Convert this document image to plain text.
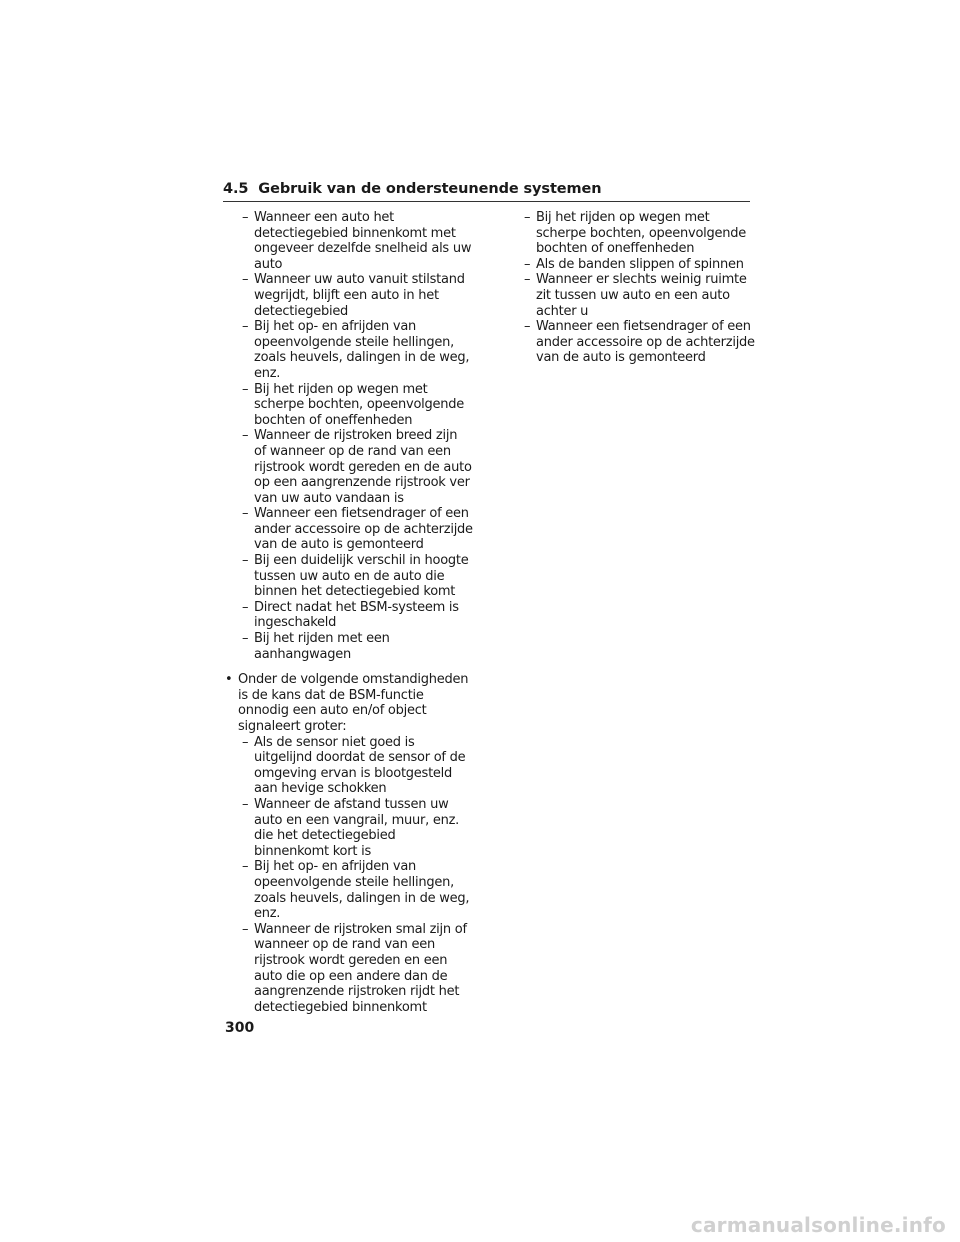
4.5 Gebruik van de ondersteunende systemen
– Wanneer een auto het detectiegebied binnenkomt met ongeveer dezelfde snelheid als uw auto
– Wanneer uw auto vanuit stilstand wegrijdt, blijft een auto in het detectiegebied
– Bij het op- en afrijden van opeenvolgende steile hellingen, zoals heuvels, dalingen in de weg, enz.
– Bij het rijden op wegen met scherpe bochten, opeenvolgende bochten of oneffenheden
– Wanneer de rijstroken breed zijn of wanneer op de rand van een rijstrook wordt gereden en de auto op een aangrenzende rijstrook ver van uw auto vandaan is
– Wanneer een fietsendrager of een ander accessoire op de achterzijde van de auto is gemonteerd
– Bij een duidelijk verschil in hoogte tussen uw auto en de auto die binnen het detectiegebied komt
– Direct nadat het BSM-systeem is ingeschakeld
– Bij het rijden met een aanhangwagen
• Onder de volgende omstandigheden is de kans dat de BSM-functie onnodig een auto en/of object signaleert groter:
– Als de sensor niet goed is uitgelijnd doordat de sensor of de omgeving ervan is blootgesteld aan hevige schokken
– Wanneer de afstand tussen uw auto en een vangrail, muur, enz. die het detectiegebied binnenkomt kort is
– Bij het op- en afrijden van opeenvolgende steile hellingen, zoals heuvels, dalingen in de weg, enz.
– Wanneer de rijstroken smal zijn of wanneer op de rand van een rijstrook wordt gereden en een auto die op een andere dan de aangrenzende rijstroken rijdt het detectiegebied binnenkomt
– Bij het rijden op wegen met scherpe bochten, opeenvolgende bochten of oneffenheden
– Als de banden slippen of spinnen
– Wanneer er slechts weinig ruimte zit tussen uw auto en een auto achter u
– Wanneer een fietsendrager of een ander accessoire op de achterzijde van de auto is gemonteerd
300
carmanualsonline.info
